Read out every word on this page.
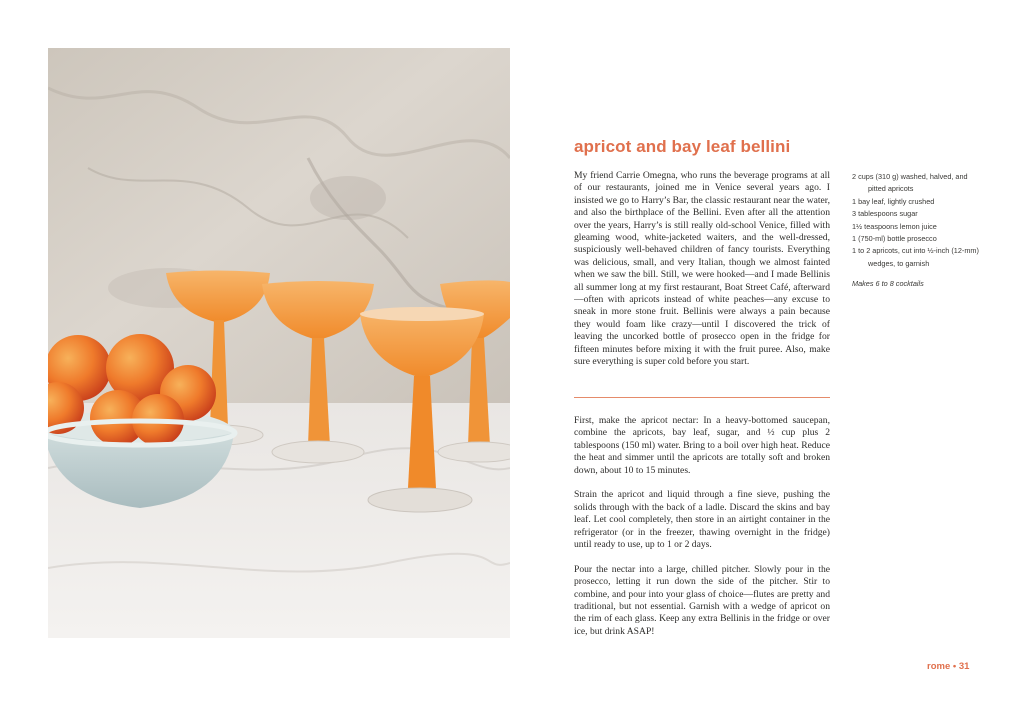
apricot and bay leaf bellini

My friend Carrie Omegna, who runs the beverage programs at all of our restaurants, joined me in Venice several years ago. I insisted we go to Harry’s Bar, the classic restaurant near the water, and also the birthplace of the Bellini. Even after all the attention over the years, Harry’s is still really old-school Venice, filled with gleaming wood, white-jacketed waiters, and the well-dressed, suspiciously well-behaved children of fancy tourists. Everything was delicious, small, and very Italian, though we almost fainted when we saw the bill. Still, we were hooked—and I made Bellinis all summer long at my first restaurant, Boat Street Café, afterward—often with apricots instead of white peaches—any excuse to sneak in more stone fruit. Bellinis were always a pain because they would foam like crazy—until I discovered the trick of leaving the uncorked bottle of prosecco open in the fridge for fifteen minutes before mixing it with the fruit puree. Also, make sure everything is super cold before you start.

First, make the apricot nectar: In a heavy-bottomed saucepan, combine the apricots, bay leaf, sugar, and ½ cup plus 2 tablespoons (150 ml) water. Bring to a boil over high heat. Reduce the heat and simmer until the apricots are totally soft and broken down, about 10 to 15 minutes.

Strain the apricot and liquid through a fine sieve, pushing the solids through with the back of a ladle. Discard the skins and bay leaf. Let cool completely, then store in an airtight container in the refrigerator (or in the freezer, thawing overnight in the fridge) until ready to use, up to 1 or 2 days.

Pour the nectar into a large, chilled pitcher. Slowly pour in the prosecco, letting it run down the side of the pitcher. Stir to combine, and pour into your glass of choice—flutes are pretty and traditional, but not essential. Garnish with a wedge of apricot on the rim of each glass. Keep any extra Bellinis in the fridge or over ice, but drink ASAP!

2 cups (310 g) washed, halved, and pitted apricots
1 bay leaf, lightly crushed
3 tablespoons sugar
1½ teaspoons lemon juice
1 (750-ml) bottle prosecco
1 to 2 apricots, cut into ½-inch (12-mm) wedges, to garnish
Makes 6 to 8 cocktails
rome • 31
